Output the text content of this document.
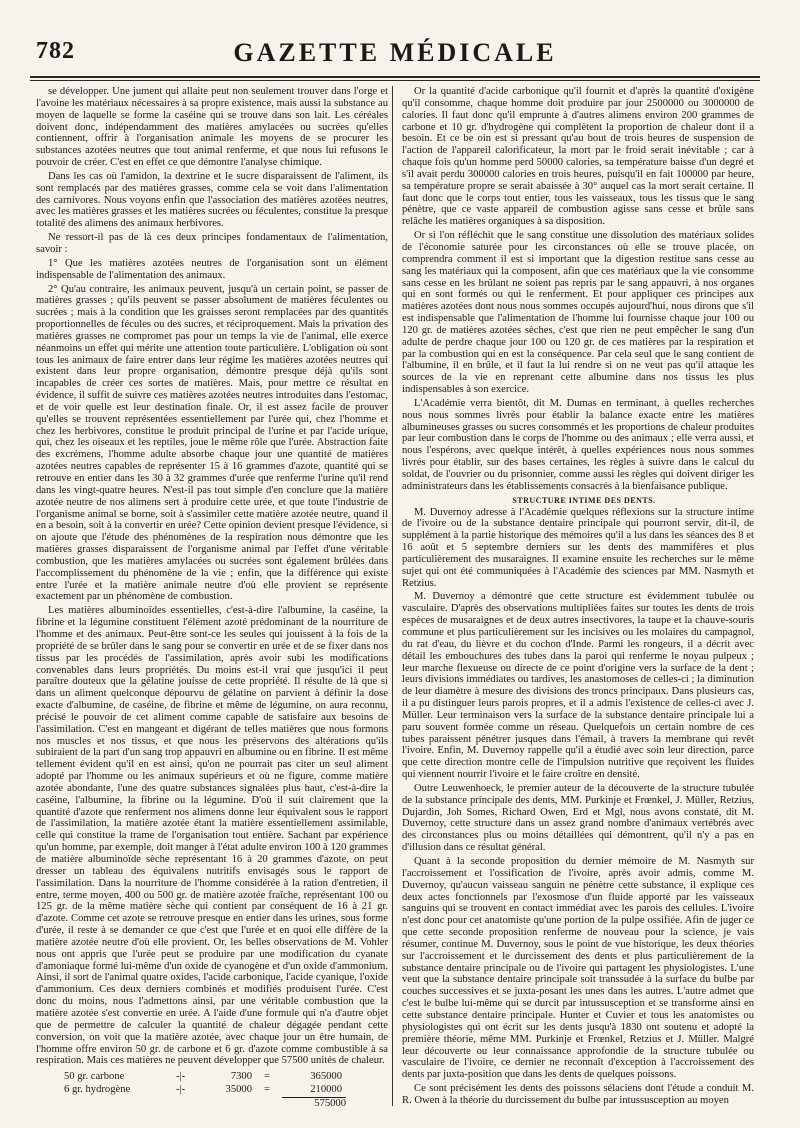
782	GAZETTE MÉDICALE

se développer. Une jument qui allaite peut non seulement trouver dans l'orge et l'avoine les matériaux nécessaires à sa propre existence, mais aussi la substance au moyen de laquelle se forme la caséine qui se trouve dans son lait. Les céréales doivent donc, indépendamment des matières amylacées ou sucrées qu'elles contiennent, offrir à l'organisation animale les moyens de se procurer les substances azotées neutres que tout animal renferme, et que nous lui refusons le pouvoir de créer. C'est en effet ce que démontre l'analyse chimique.

Dans les cas où l'amidon, la dextrine et le sucre disparaissent de l'aliment, ils sont remplacés par des matières grasses, comme cela se voit dans l'alimentation des carnivores. Nous voyons enfin que l'association des matières azotées neutres, avec les matières grasses et les matières sucrées ou féculentes, constitue la presque totalité des alimens des animaux herbivores.

Ne ressort-il pas de là ces deux principes fondamentaux de l'alimentation, savoir :

1° Que les matières azotées neutres de l'organisation sont un élément indispensable de l'alimentation des animaux.

2° Qu'au contraire, les animaux peuvent, jusqu'à un certain point, se passer de matières grasses ; qu'ils peuvent se passer absolument de matières féculentes ou sucrées ; mais à la condition que les graisses seront remplacées par des quantités proportionnelles de fécules ou des sucres, et réciproquement. Mais la privation des matières grasses ne compromet pas pour un temps la vie de l'animal, elle exerce néanmoins un effet qui mérite une attention toute particulière. L'obligation où sont tous les animaux de faire entrer dans leur régime les matières azotées neutres qui existent dans leur propre organisation, démontre presque déjà qu'ils sont incapables de créer ces sortes de matières. Mais, pour mettre ce résultat en évidence, il suffit de suivre ces matières azotées neutres introduites dans l'estomac, et de voir quelle est leur destination finale. Or, il est assez facile de prouver qu'elles se trouvent représentées essentiellement par l'urée qui, chez l'homme et chez les herbivores, constitue le produit principal de l'urine et par l'acide urique, qui, chez les oiseaux et les reptiles, joue le même rôle que l'urée. Abstraction faite des excrémens, l'homme adulte absorbe chaque jour une quantité de matières azotées neutres capables de représenter 15 à 16 grammes d'azote, quantité qui se retrouve en entier dans les 30 à 32 grammes d'urée que renferme l'urine qu'il rend dans les vingt-quatre heures. N'est-il pas tout simple d'en conclure que la matière azotée neutre de nos alimens sert à produire cette urée, et que toute l'industrie de l'organisme animal se borne, soit à s'assimiler cette matière azotée neutre, quand il en a besoin, soit à la convertir en urée? Cette opinion devient presque l'évidence, si on ajoute que l'étude des phénomènes de la respiration nous démontre que les matières grasses disparaissent de l'organisme animal par l'effet d'une véritable combustion, que les matières amylacées ou sucrées sont également brûlées dans l'accomplissement du phénomène de la vie ; enfin, que la différence qui existe entre l'urée et la matière animale neutre d'où elle provient se représente exactement par un phénomène de combustion.

Les matières albuminoïdes essentielles, c'est-à-dire l'albumine, la caséine, la fibrine et la légumine constituent l'élément azoté prédominant de la nourriture de l'homme et des animaux. Peut-être sont-ce les seules qui jouissent à la fois de la propriété de se brûler dans le sang pour se convertir en urée et de se fixer dans nos tissus par les procédés de l'assimilation, après avoir subi les modifications convenables dans leurs propriétés. Du moins est-il vrai que jusqu'ici il peut paraître douteux que la gélatine jouisse de cette propriété. Il résulte de là que si dans un aliment quelconque dépourvu de gélatine on parvient à définir la dose exacte d'albumine, de caséine, de fibrine et même de légumine, on aura reconnu, précisé le pouvoir de cet aliment comme capable de satisfaire aux besoins de l'assimilation. C'est en mangeant et digérant de telles matières que nous formons nos muscles et nos tissus, et que nous les préservons des altérations qu'ils subiraient de la part d'un sang trop appauvri en albumine ou en fibrine. Il est même tellement évident qu'il en est ainsi, qu'on ne pourrait pas citer un seul aliment adopté par l'homme ou les animaux supérieurs et où ne figure, comme matière azotée abondante, l'une des quatre substances signalées plus haut, c'est-à-dire la caséine, l'albumine, la fibrine ou la légumine. D'où il suit clairement que la quantité d'azote que renferment nos alimens donne leur équivalent sous le rapport de l'assimilation, la matière azotée étant la matière essentiellement assimilable, celle qui constitue la trame de l'organisation tout entière. Sachant par expérience qu'un homme, par exemple, doit manger à l'état adulte environ 100 à 120 grammes de matière albuminoïde sèche représentant 16 à 20 grammes d'azote, on peut dresser un tableau des équivalens nutritifs envisagés sous le rapport de l'assimilation. Dans la nourriture de l'homme considérée à la ration d'entretien, il entre, terme moyen, 400 ou 500 gr. de matière azotée fraîche, représentant 100 ou 125 gr. de la même matière sèche qui contient par conséquent de 16 à 21 gr. d'azote. Comme cet azote se retrouve presque en entier dans les urines, sous forme d'urée, il reste à se demander ce que c'est que l'urée et en quoi elle diffère de la matière azotée neutre d'où elle provient. Or, les belles observations de M. Vohler nous ont appris que l'urée peut se produire par une modification du cyanate d'amoniaque formé lui-même d'un oxide de cyanogène et d'un oxide d'ammonium. Ainsi, il sort de l'animal quatre oxides, l'acide carbonique, l'acide cyanique, l'oxide d'ammonium. Ces deux derniers combinés et modifiés produisent l'urée. C'est donc du moins, nous l'admettons ainsi, par une véritable combustion que la matière azotée s'est convertie en urée. A l'aide d'une formule qui n'a d'autre objet que de permettre de calculer la quantité de chaleur dégagée pendant cette conversion, on voit que la matière azotée, avec chaque jour un être humain, de l'homme offre environ 50 gr. de carbone et 6 gr. d'azote comme combustible à sa respiration. Mais ces matières ne peuvent développer que 57500 unités de chaleur.

50 gr. carbone	-|-	7300	=	365000
6 gr. hydrogène	-|-	35000	=	210000
575000

Or la quantité d'acide carbonique qu'il fournit et d'après la quantité d'oxigène qu'il consomme, chaque homme doit produire par jour 2500000 ou 3000000 de calories. Il faut donc qu'il emprunte à d'autres alimens environ 200 grammes de carbone et 10 gr. d'hydrogène qui complètent la proportion de chaleur dont il a besoin. Et ce be oin est si pressant qu'au bout de trois heures de suspension de l'action de l'appareil calorificateur, la mort par le froid serait inévitable ; car à chaque fois qu'un homme perd 50000 calories, sa température baisse d'un degré et s'il avait perdu 300000 calories en trois heures, puisqu'il en fait 100000 par heure, sa température propre se serait abaissée à 30° auquel cas la mort serait certaine. Il faut donc que le corps tout entier, tous les vaisseaux, tous les tissus que le sang pénètre, que ce vaste appareil de combustion agisse sans cesse et brûle sans relâche les matières organiques à sa disposition.

Or si l'on réfléchit que le sang constitue une dissolution des matériaux solides de l'économie saturée pour les circonstances où elle se trouve placée, on comprendra comment il est si important que la digestion restitue sans cesse au sang les matériaux qui la composent, afin que ces matériaux que la vie consomme sans cesse en les brûlant ne soient pas repris par le sang appauvri, à nos organes qui en sont formés ou qui le renferment. Et pour appliquer ces principes aux matières azotées dont nous nous sommes occupés aujourd'hui, nous dirons que s'il est indispensable que l'alimentation de l'homme lui fournisse chaque jour 100 ou 120 gr. de matières azotées sèches, c'est que rien ne peut empêcher le sang d'un adulte de perdre chaque jour 100 ou 120 gr. de ces matières par la respiration et par la combustion qui en est la conséquence. Par cela seul que le sang contient de l'albumine, il en brûle, et il faut la lui rendre si on ne veut pas qu'il attaque les sources de la vie en reprenant cette albumine dans nos tissus les plus indispensables à son exercice.

L'Académie verra bientôt, dit M. Dumas en terminant, à quelles recherches nous nous sommes livrés pour établir la balance exacte entre les matières albumineuses grasses ou sucres consommés et les proportions de chaleur produites par leur combustion dans le corps de l'homme ou des animaux ; elle verra aussi, et nous l'espérons, avec quelque intérêt, à quelles expériences nous nous sommes livrés pour établir, sur des bases certaines, les règles à suivre dans le calcul du soldat, de l'ouvrier ou du prisonnier, comme aussi les règles qui doivent diriger les administrateurs dans les établissements consacrés à la bienfaisance publique.

STRUCTURE INTIME DES DENTS.

M. Duvernoy adresse à l'Académie quelques réflexions sur la structure intime de l'ivoire ou de la substance dentaire principale qui pourront servir, dit-il, de supplément à la partie historique des mémoires qu'il a lus dans les séances des 8 et 16 août et 5 septembre derniers sur les dents des mammifères et plus particulièrement des musaraignes. Il examine ensuite les recherches sur le même sujet qui ont été communiquées à l'Académie des sciences par MM. Nasmyth et Retzius.

M. Duvernoy a démontré que cette structure est évidemment tubulée ou vasculaire. D'après des observations multipliées faites sur toutes les dents de trois espèces de musaraignes et de deux autres insectivores, la taupe et la chauve-souris commune et plus particulièrement sur les incisives ou les molaires du campagnol, du rat d'eau, du lièvre et du cochon d'Inde. Parmi les rongeurs, il a décrit avec détail les embouchures des tubes dans la paroi qui renferme le noyau pulpeux ; leur marche flexueuse ou directe de ce point d'origine vers la surface de la dent ; leurs divisions immédiates ou tardives, les anastomoses de celles-ci ; la diminution de leur diamètre à mesure des divisions des troncs principaux. Dans plusieurs cas, il a pu distinguer leurs parois propres, et il a admis l'existence de celles-ci avec J. Müller. Leur terminaison vers la surface de la substance dentaire principale lui a paru souvent formée comme un réseau. Quelquefois un certain nombre de ces tubes paraissent pénétrer jusques dans l'émail, à travers la membrane qui revêt l'ivoire. Enfin, M. Duvernoy rappelle qu'il a étudié avec soin leur direction, parce que cette direction montre celle de l'impulsion nutritive que reçoivent les fluides qui viennent nourrir l'ivoire et le faire croître en densité.

Outre Leuwenhoeck, le premier auteur de la découverte de la structure tubulée de la substance principale des dents, MM. Purkinje et Frœnkel, J. Müller, Retzius, Dujardin, Joh Somes, Richard Owen, Erd et Mgl, nous avons constaté, dit M. Duvernoy, cette structure dans un assez grand nombre d'animaux vertébrés avec des circonstances plus ou moins détaillées qui démontrent, qu'il n'y a pas en d'illusion dans ce résultat général.

Quant à la seconde proposition du dernier mémoire de M. Nasmyth sur l'accroissement et l'ossification de l'ivoire, après avoir admis, comme M. Duvernoy, qu'aucun vaisseau sanguin ne pénètre cette substance, il explique ces deux actes fonctionnels par l'exosmose d'un fluide apporté par les vaisseaux sanguins qui se trouvent en contact immédiat avec les parois des cellules. L'ivoire n'est donc pour cet anatomiste qu'une portion de la pulpe ossifiée. Afin de juger ce que cette seconde proposition renferme de nouveau pour la science, je vais résumer, continue M. Duvernoy, sous le point de vue historique, les deux théories sur l'accroissement et le durcissement des dents et plus particulièrement de la substance dentaire principale ou de l'ivoire qui partagent les physiologistes. L'une veut que la substance dentaire principale soit transsudée à la surface du bulbe par couches successives et se juxta-posant les unes dans les autres. L'autre admet que c'est le bulbe lui-même qui se durcit par intussusception et se transforme ainsi en cette substance dentaire principale. Hunter et Cuvier et tous les anatomistes ou physiologistes qui ont écrit sur les dents jusqu'à 1830 ont soutenu et adopté la première théorie, même MM. Purkinje et Frœnkel, Retzius et J. Müller. Malgré leur découverte ou leur connaissance approfondie de la structure tubulée ou vasculaire de l'ivoire, ce dernier ne reconnaît d'exception à l'accroissement des dents par juxta-position que dans les dents de quelques poissons.

Ce sont précisément les dents des poissons sélaciens dont l'étude a conduit M. R. Owen à la théorie du durcissement du bulbe par intussusception au moyen
